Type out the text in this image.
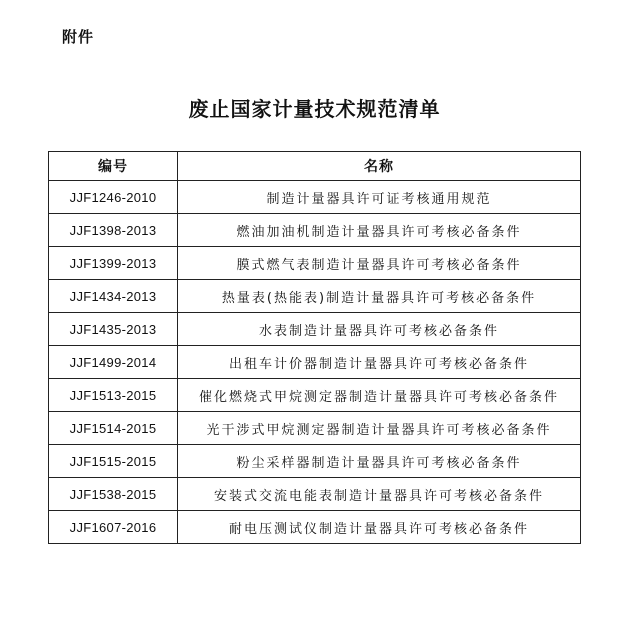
附件
废止国家计量技术规范清单
编号	名称
JJF1246-2010	制造计量器具许可证考核通用规范
JJF1398-2013	燃油加油机制造计量器具许可考核必备条件
JJF1399-2013	膜式燃气表制造计量器具许可考核必备条件
JJF1434-2013	热量表(热能表)制造计量器具许可考核必备条件
JJF1435-2013	水表制造计量器具许可考核必备条件
JJF1499-2014	出租车计价器制造计量器具许可考核必备条件
JJF1513-2015	催化燃烧式甲烷测定器制造计量器具许可考核必备条件
JJF1514-2015	光干涉式甲烷测定器制造计量器具许可考核必备条件
JJF1515-2015	粉尘采样器制造计量器具许可考核必备条件
JJF1538-2015	安装式交流电能表制造计量器具许可考核必备条件
JJF1607-2016	耐电压测试仪制造计量器具许可考核必备条件
